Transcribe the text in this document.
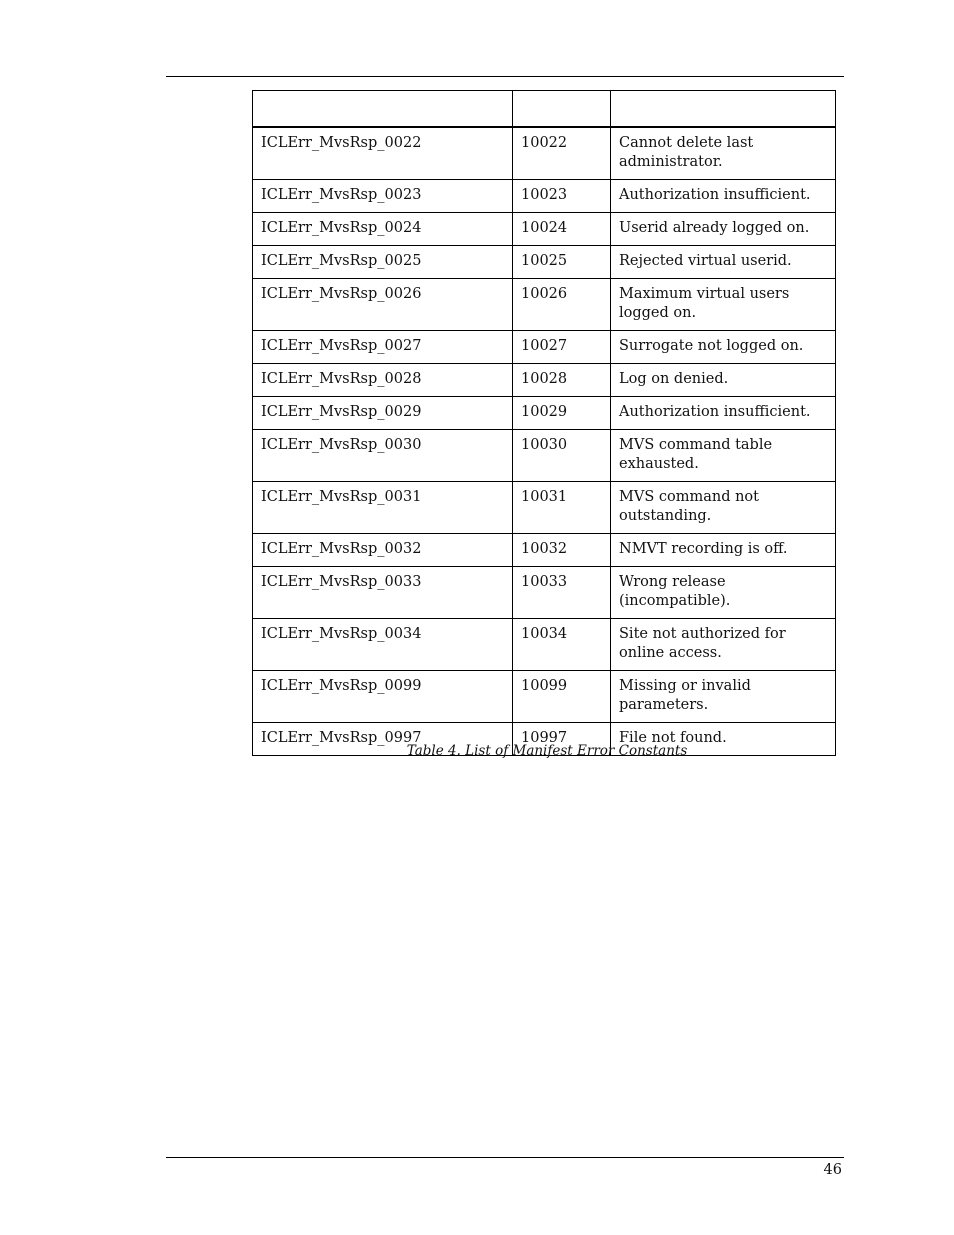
ICLErr_MvsRsp_0022	10022	Cannot delete last administrator.
ICLErr_MvsRsp_0023	10023	Authorization insufficient.
ICLErr_MvsRsp_0024	10024	Userid already logged on.
ICLErr_MvsRsp_0025	10025	Rejected virtual userid.
ICLErr_MvsRsp_0026	10026	Maximum virtual users logged on.
ICLErr_MvsRsp_0027	10027	Surrogate not logged on.
ICLErr_MvsRsp_0028	10028	Log on denied.
ICLErr_MvsRsp_0029	10029	Authorization insufficient.
ICLErr_MvsRsp_0030	10030	MVS command table exhausted.
ICLErr_MvsRsp_0031	10031	MVS command not outstanding.
ICLErr_MvsRsp_0032	10032	NMVT recording is off.
ICLErr_MvsRsp_0033	10033	Wrong release (incompatible).
ICLErr_MvsRsp_0034	10034	Site not authorized for online access.
ICLErr_MvsRsp_0099	10099	Missing or invalid parameters.
ICLErr_MvsRsp_0997	10997	File not found.
Table 4. List of Manifest Error Constants
46
